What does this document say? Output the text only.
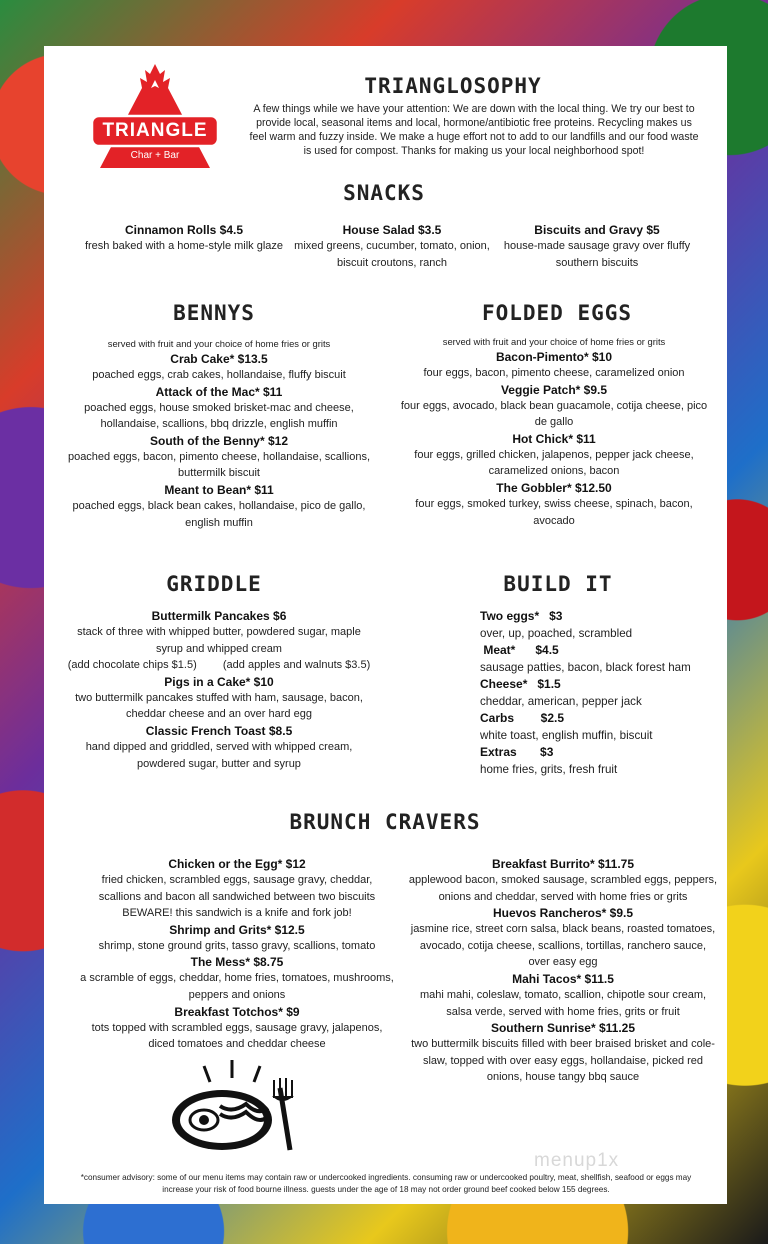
TRIANGLE
Char + Bar
TRIANGLOSOPHY
A few things while we have your attention: We are down with the local thing. We try our best to provide local, seasonal items and local, hormone/antibiotic free proteins. Recycling makes us feel warm and fuzzy inside. We make a huge effort not to add to our landfills and our food waste is used for compost. Thanks for making us your local neighborhood spot!
SNACKS
Cinnamon Rolls $4.5
fresh baked with a home-style milk glaze
House Salad $3.5
mixed greens, cucumber, tomato, onion, biscuit croutons, ranch
Biscuits and Gravy $5
house-made sausage gravy over fluffy southern biscuits
BENNYS
served with fruit and your choice of home fries or grits
Crab Cake* $13.5
poached eggs, crab cakes, hollandaise, fluffy biscuit
Attack of the Mac* $11
poached eggs, house smoked brisket-mac and cheese, hollandaise, scallions, bbq drizzle, english muffin
South of the Benny* $12
poached eggs, bacon, pimento cheese, hollandaise, scallions, buttermilk biscuit
Meant to Bean* $11
poached eggs, black bean cakes, hollandaise, pico de gallo, english muffin
FOLDED EGGS
served with fruit and your choice of home fries or grits
Bacon-Pimento* $10
four eggs, bacon, pimento cheese, caramelized onion
Veggie Patch* $9.5
four eggs, avocado, black bean guacamole, cotija cheese, pico de gallo
Hot Chick* $11
four eggs, grilled chicken, jalapenos, pepper jack cheese, caramelized onions, bacon
The Gobbler* $12.50
four eggs, smoked turkey, swiss cheese, spinach, bacon, avocado
GRIDDLE
Buttermilk Pancakes $6
stack of three with whipped butter, powdered sugar, maple syrup and whipped cream
(add chocolate chips $1.5) (add apples and walnuts $3.5)
Pigs in a Cake* $10
two buttermilk pancakes stuffed with ham, sausage, bacon, cheddar cheese and an over hard egg
Classic French Toast $8.5
hand dipped and griddled, served with whipped cream, powdered sugar, butter and syrup
BUILD IT
Two eggs*   $3
over, up, poached, scrambled
Meat*      $4.5
sausage patties, bacon, black forest ham
Cheese*   $1.5
cheddar, american, pepper jack
Carbs        $2.5
white toast, english muffin, biscuit
Extras       $3
home fries, grits, fresh fruit
BRUNCH CRAVERS
Chicken or the Egg* $12
fried chicken, scrambled eggs, sausage gravy, cheddar, scallions and bacon all sandwiched between two biscuits BEWARE! this sandwich is a knife and fork job!
Shrimp and Grits* $12.5
shrimp, stone ground grits, tasso gravy, scallions, tomato
The Mess* $8.75
a scramble of eggs, cheddar, home fries, tomatoes, mushrooms, peppers and onions
Breakfast Totchos* $9
tots topped with scrambled eggs, sausage gravy, jalapenos, diced tomatoes and cheddar cheese
Breakfast Burrito* $11.75
applewood bacon, smoked sausage, scrambled eggs, peppers, onions and cheddar, served with home fries or grits
Huevos Rancheros* $9.5
jasmine rice, street corn salsa, black beans, roasted tomatoes, avocado, cotija cheese, scallions, tortillas, ranchero sauce, over easy egg
Mahi Tacos* $11.5
mahi mahi, coleslaw, tomato, scallion, chipotle sour cream, salsa verde, served with home fries, grits or fruit
Southern Sunrise* $11.25
two buttermilk biscuits filled with beer braised brisket and cole-slaw, topped with over easy eggs, hollandaise, picked red onions, house tangy bbq sauce
menup1x
*consumer advisory: some of our menu items may contain raw or undercooked ingredients. consuming raw or undercooked poultry, meat, shellfish, seafood or eggs may increase your risk of food bourne illness. guests under the age of 18 may not order ground beef cooked below 155 degrees.
